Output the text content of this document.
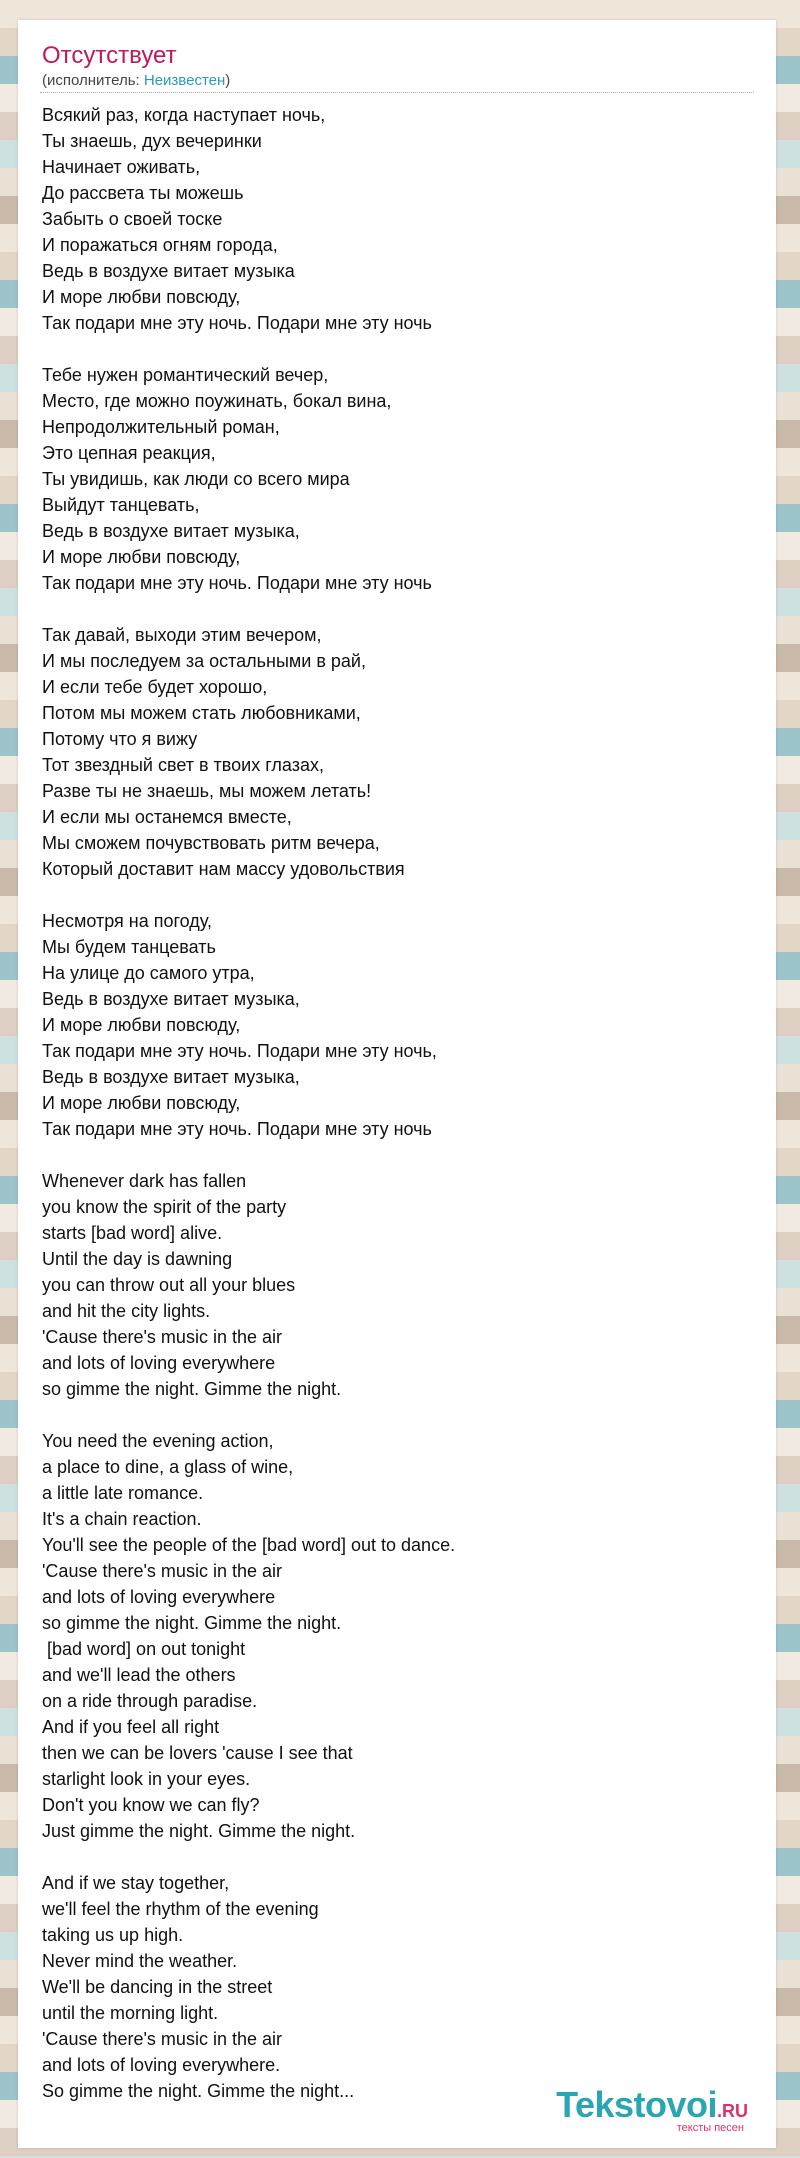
Отсутствует
(исполнитель: Неизвестен)
Всякий раз, когда наступает ночь,
Ты знаешь, дух вечеринки
Начинает оживать,
До рассвета ты можешь
Забыть о своей тоске
И поражаться огням города,
Ведь в воздухе витает музыка
И море любви повсюду,
Так подари мне эту ночь. Подари мне эту ночь
Тебе нужен романтический вечер,
Место, где можно поужинать, бокал вина,
Непродолжительный роман,
Это цепная реакция,
Ты увидишь, как люди со всего мира
Выйдут танцевать,
Ведь в воздухе витает музыка,
И море любви повсюду,
Так подари мне эту ночь. Подари мне эту ночь
Так давай, выходи этим вечером,
И мы последуем за остальными в рай,
И если тебе будет хорошо,
Потом мы можем стать любовниками,
Потому что я вижу
Тот звездный свет в твоих глазах,
Разве ты не знаешь, мы можем летать!
И если мы останемся вместе,
Мы сможем почувствовать ритм вечера,
Который доставит нам массу удовольствия
Несмотря на погоду,
Мы будем танцевать
На улице до самого утра,
Ведь в воздухе витает музыка,
И море любви повсюду,
Так подари мне эту ночь. Подари мне эту ночь,
Ведь в воздухе витает музыка,
И море любви повсюду,
Так подари мне эту ночь. Подари мне эту ночь
Whenever dark has fallen
you know the spirit of the party
starts [bad word] alive.
Until the day is dawning
you can throw out all your blues
and hit the city lights.
'Cause there's music in the air
and lots of loving everywhere
so gimme the night. Gimme the night.
You need the evening action,
a place to dine, a glass of wine,
a little late romance.
It's a chain reaction.
You'll see the people of the [bad word] out to dance.
'Cause there's music in the air
and lots of loving everywhere
so gimme the night. Gimme the night.
[bad word] on out tonight
and we'll lead the others
on a ride through paradise.
And if you feel all right
then we can be lovers 'cause I see that
starlight look in your eyes.
Don't you know we can fly?
Just gimme the night. Gimme the night.
And if we stay together,
we'll feel the rhythm of the evening
taking us up high.
Never mind the weather.
We'll be dancing in the street
until the morning light.
'Cause there's music in the air
and lots of loving everywhere.
So gimme the night. Gimme the night...	Tekstovoi.RU
тексты песен
